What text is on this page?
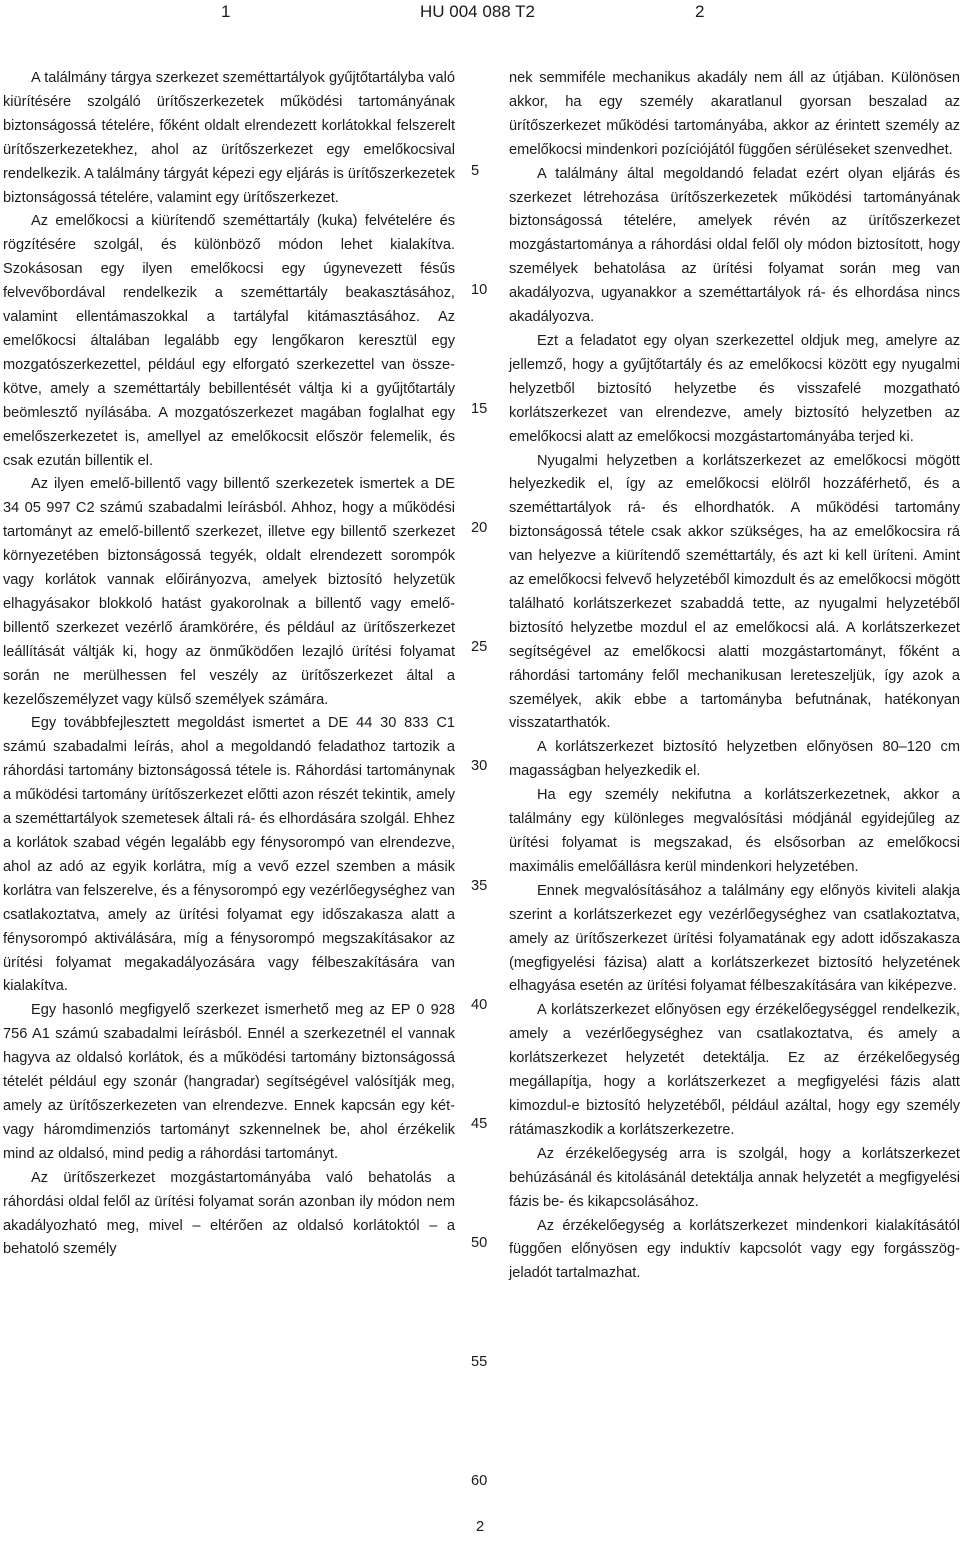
1	HU 004 088 T2	2

A találmány tárgya szerkezet szeméttartályok gyűjtőtartályba való kiürítésére szolgáló ürítőszerkezetek működési tartományának biztonságossá tételére, főként oldalt elrendezett korlátokkal felszerelt ürítőszerkezetekhez, ahol az ürítőszerkezet egy emelőkocsival rendelkezik. A találmány tárgyát képezi egy eljárás is ürítőszerkezetek biztonságossá tételére, valamint egy ürítőszerkezet.

Az emelőkocsi a kiürítendő szeméttartály (kuka) felvételére és rögzítésére szolgál, és különböző módon lehet kialakítva. Szokásosan egy ilyen emelőkocsi egy úgynevezett fésűs felvevőbordával rendelkezik a szeméttartály beakasztásához, valamint ellentámaszokkal a tartályfal kitámasztásához. Az emelőkocsi általában legalább egy lengőkaron keresztül egy mozgatószerkezettel, például egy elforgató szerkezettel van összekötve, amely a szeméttartály bebillentését váltja ki a gyűjtőtartály beömlesztő nyílásába. A mozgatószerkezet magában foglalhat egy emelőszerkezetet is, amellyel az emelőkocsit először felemelik, és csak ezután billentik el.

Az ilyen emelő-billentő vagy billentő szerkezetek ismertek a DE 34 05 997 C2 számú szabadalmi leírásból. Ahhoz, hogy a működési tartományt az emelő-billentő szerkezet, illetve egy billentő szerkezet környezetében biztonságossá tegyék, oldalt elrendezett sorompók vagy korlátok vannak előirányozva, amelyek biztosító helyzetük elhagyásakor blokkoló hatást gyakorolnak a billentő vagy emelő-billentő szerkezet vezérlő áramkörére, és például az ürítőszerkezet leállítását váltják ki, hogy az önműködően lezajló ürítési folyamat során ne merülhessen fel veszély az ürítőszerkezet által a kezelőszemélyzet vagy külső személyek számára.

Egy továbbfejlesztett megoldást ismertet a DE 44 30 833 C1 számú szabadalmi leírás, ahol a megoldandó feladathoz tartozik a ráhordási tartomány biztonságossá tétele is. Ráhordási tartománynak a működési tartomány ürítőszerkezet előtti azon részét tekintik, amely a szeméttartályok szemetesek általi rá- és elhordására szolgál. Ehhez a korlátok szabad végén legalább egy fénysorompó van elrendezve, ahol az adó az egyik korlátra, míg a vevő ezzel szemben a másik korlátra van felszerelve, és a fénysorompó egy vezérlőegységhez van csatlakoztatva, amely az ürítési folyamat egy időszakasza alatt a fénysorompó aktiválására, míg a fénysorompó megszakításakor az ürítési folyamat megakadályozására vagy félbeszakítására van kialakítva.

Egy hasonló megfigyelő szerkezet ismerhető meg az EP 0 928 756 A1 számú szabadalmi leírásból. Ennél a szerkezetnél el vannak hagyva az oldalsó korlátok, és a működési tartomány biztonságossá tételét például egy szonár (hangradar) segítségével valósítják meg, amely az ürítőszerkezeten van elrendezve. Ennek kapcsán egy két- vagy háromdimenziós tartományt szkennelnek be, ahol érzékelik mind az oldalsó, mind pedig a ráhordási tartományt.

Az ürítőszerkezet mozgástartományába való behatolás a ráhordási oldal felől az ürítési folyamat során azonban ily módon nem akadályozható meg, mivel – eltérően az oldalsó korlátoktól – a behatoló személy

5
10
15
20
25
30
35
40
45
50
55
60

nek semmiféle mechanikus akadály nem áll az útjában. Különösen akkor, ha egy személy akaratlanul gyorsan beszalad az ürítőszerkezet működési tartományába, akkor az érintett személy az emelőkocsi mindenkori pozíciójától függően sérüléseket szenvedhet.

A találmány által megoldandó feladat ezért olyan eljárás és szerkezet létrehozása ürítőszerkezetek működési tartományának biztonságossá tételére, amelyek révén az ürítőszerkezet mozgástartománya a ráhordási oldal felől oly módon biztosított, hogy személyek behatolása az ürítési folyamat során meg van akadályozva, ugyanakkor a szeméttartályok rá- és elhordása nincs akadályozva.

Ezt a feladatot egy olyan szerkezettel oldjuk meg, amelyre az jellemző, hogy a gyűjtőtartály és az emelőkocsi között egy nyugalmi helyzetből biztosító helyzetbe és visszafelé mozgatható korlátszerkezet van elrendezve, amely biztosító helyzetben az emelőkocsi alatt az emelőkocsi mozgástartományába terjed ki.

Nyugalmi helyzetben a korlátszerkezet az emelőkocsi mögött helyezkedik el, így az emelőkocsi elölről hozzáférhető, és a szeméttartályok rá- és elhordhatók. A működési tartomány biztonságossá tétele csak akkor szükséges, ha az emelőkocsira rá van helyezve a kiürítendő szeméttartály, és azt ki kell üríteni. Amint az emelőkocsi felvevő helyzetéből kimozdult és az emelőkocsi mögött található korlátszerkezet szabaddá tette, az nyugalmi helyzetéből biztosító helyzetbe mozdul el az emelőkocsi alá. A korlátszerkezet segítségével az emelőkocsi alatti mozgástartományt, főként a ráhordási tartomány felől mechanikusan lereteszeljük, így azok a személyek, akik ebbe a tartományba befutnának, hatékonyan visszatarthatók.

A korlátszerkezet biztosító helyzetben előnyösen 80–120 cm magasságban helyezkedik el.

Ha egy személy nekifutna a korlátszerkezetnek, akkor a találmány egy különleges megvalósítási módjánál egyidejűleg az ürítési folyamat is megszakad, és elsősorban az emelőkocsi maximális emelőállásra kerül mindenkori helyzetében.

Ennek megvalósításához a találmány egy előnyös kiviteli alakja szerint a korlátszerkezet egy vezérlőegységhez van csatlakoztatva, amely az ürítőszerkezet ürítési folyamatának egy adott időszakasza (megfigyelési fázisa) alatt a korlátszerkezet biztosító helyzetének elhagyása esetén az ürítési folyamat félbeszakítására van kiképezve.

A korlátszerkezet előnyösen egy érzékelőegységgel rendelkezik, amely a vezérlőegységhez van csatlakoztatva, és amely a korlátszerkezet helyzetét detektálja. Ez az érzékelőegység megállapítja, hogy a korlátszerkezet a megfigyelési fázis alatt kimozdul-e biztosító helyzetéből, például azáltal, hogy egy személy rátámaszkodik a korlátszerkezetre.

Az érzékelőegység arra is szolgál, hogy a korlátszerkezet behúzásánál és kitolásánál detektálja annak helyzetét a megfigyelési fázis be- és kikapcsolásához.

Az érzékelőegység a korlátszerkezet mindenkori kialakításától függően előnyösen egy induktív kapcsolót vagy egy forgásszög-jeladót tartalmazhat.

2
